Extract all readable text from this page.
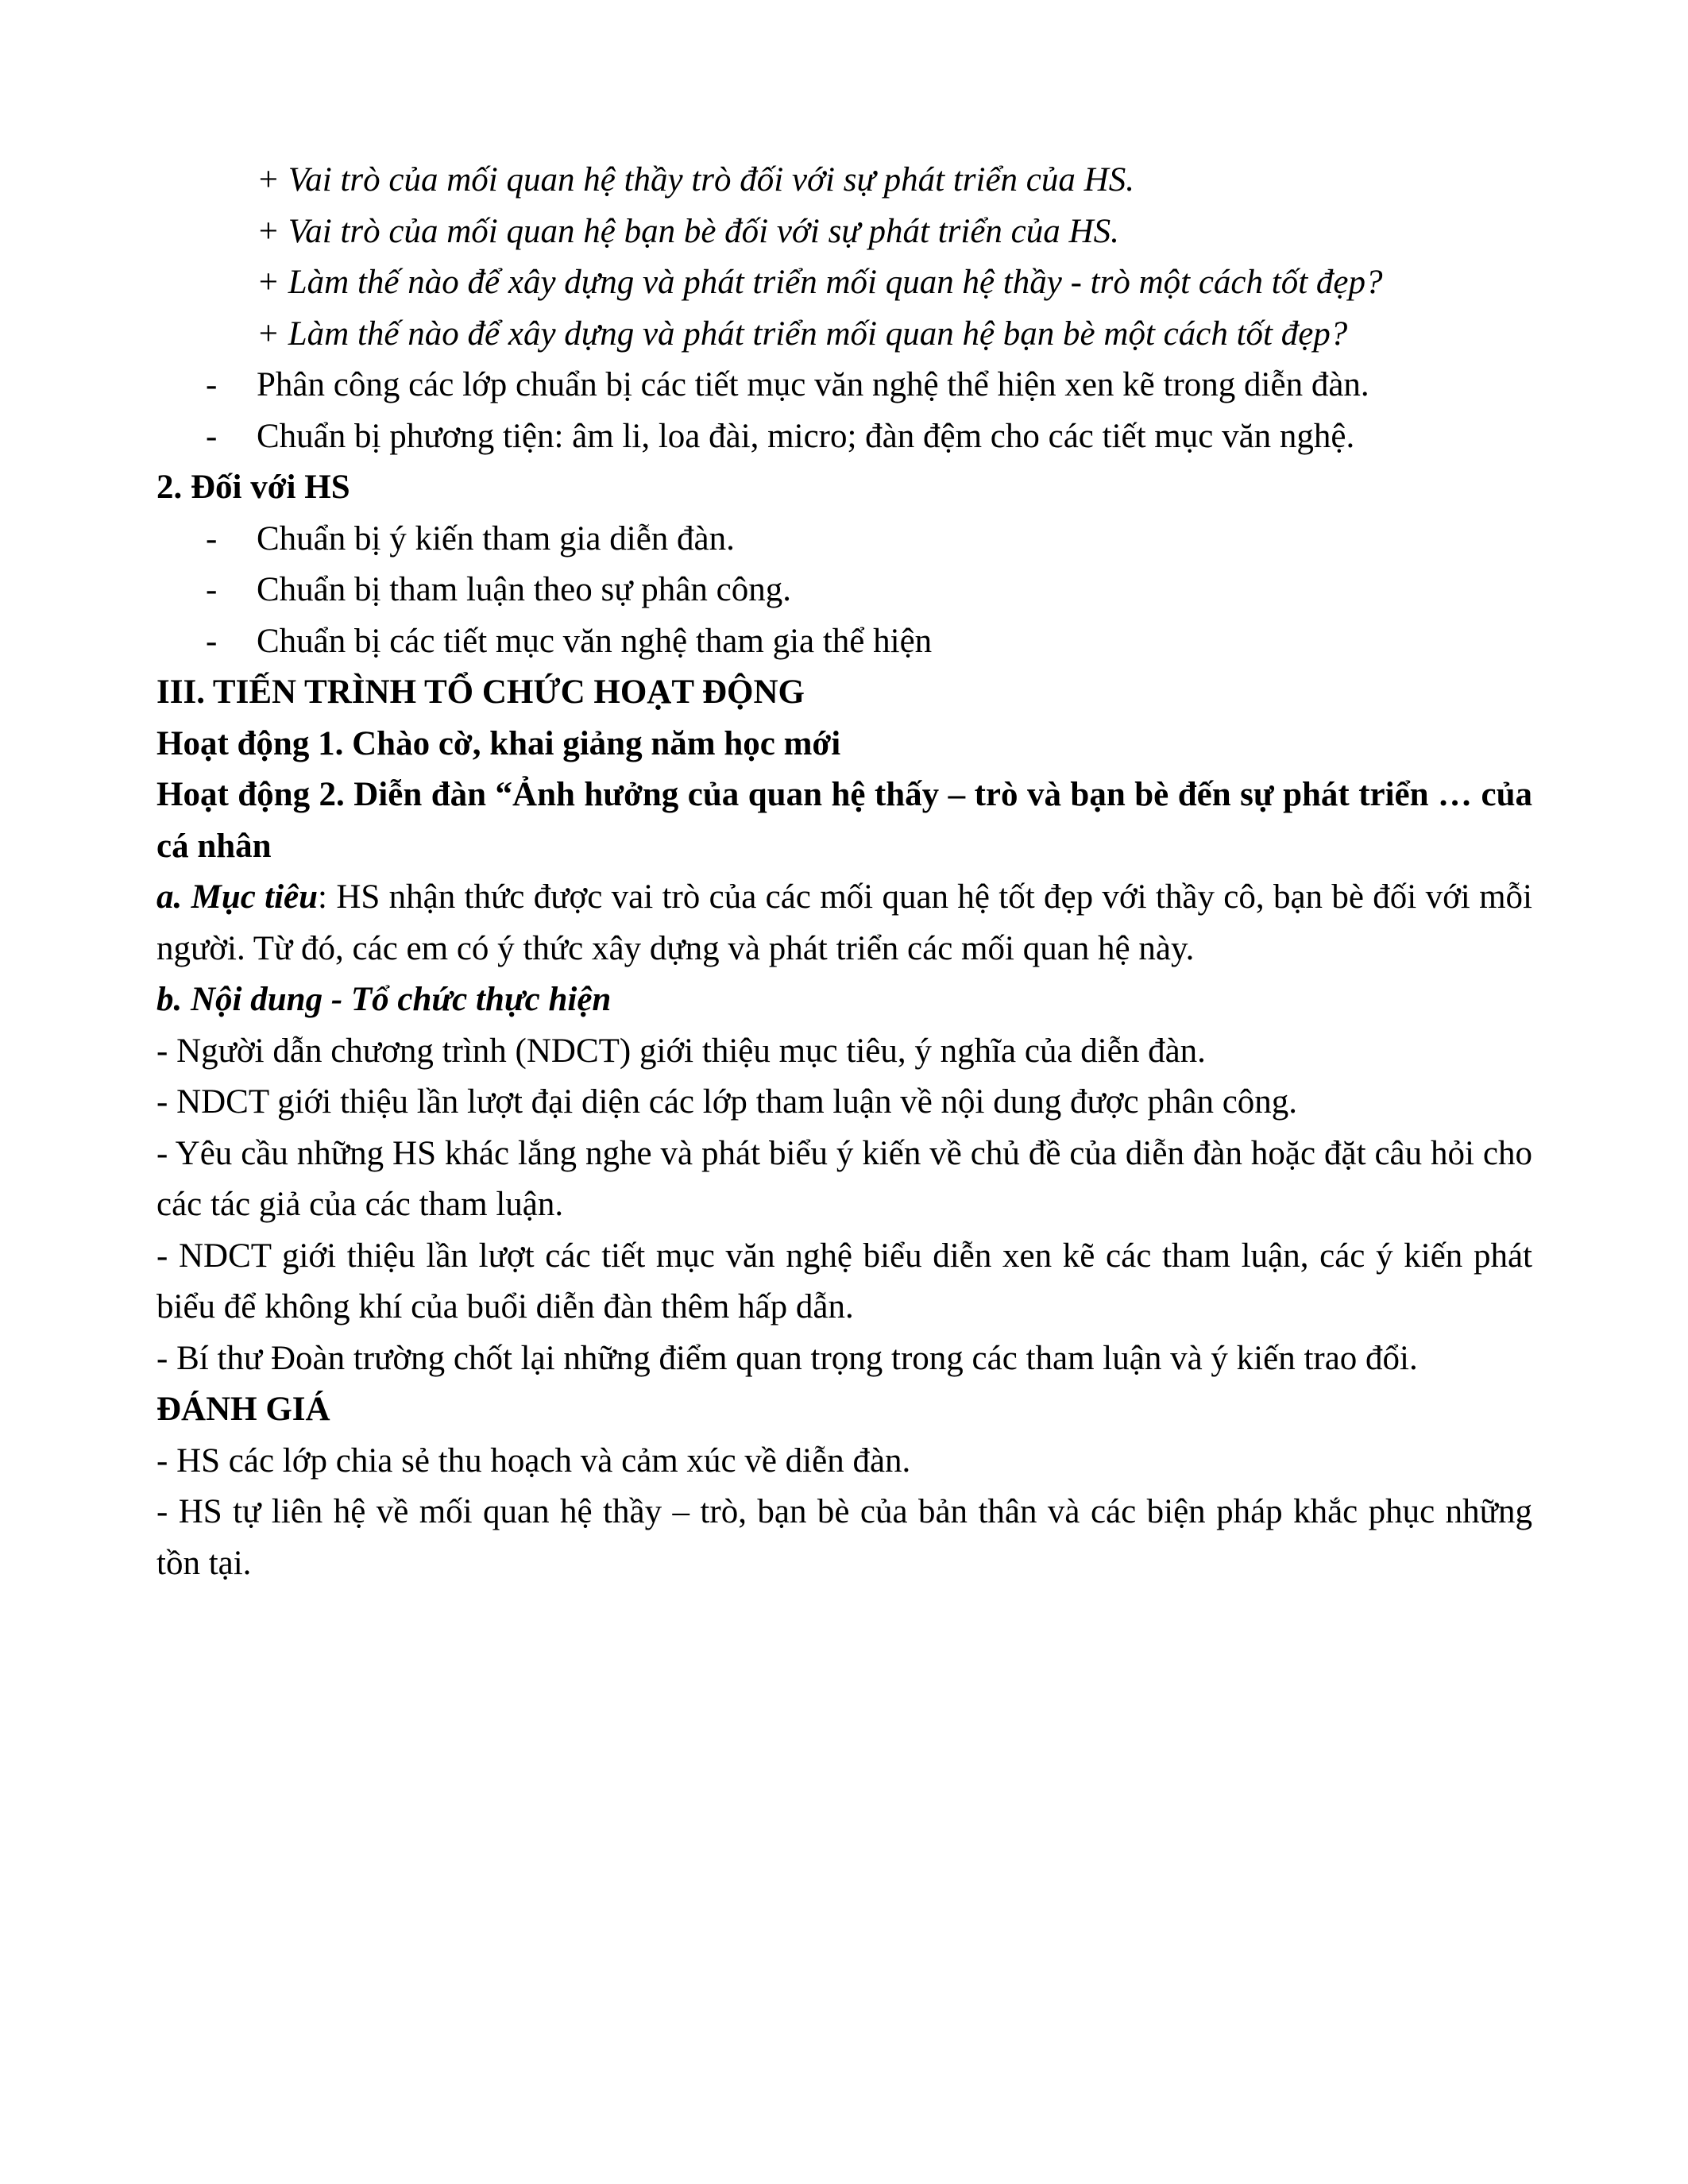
+ Vai trò của mối quan hệ thầy trò đối với sự phát triển của HS.

+ Vai trò của mối quan hệ bạn bè đối với sự phát triển của HS.

+ Làm thế nào để xây dựng và phát triển mối quan hệ thầy - trò một cách tốt đẹp?

+ Làm thế nào để xây dựng và phát triển mối quan hệ bạn bè một cách tốt đẹp?

- Phân công các lớp chuẩn bị các tiết mục văn nghệ thể hiện xen kẽ trong diễn đàn.
- Chuẩn bị phương tiện: âm li, loa đài, micro; đàn đệm cho các tiết mục văn nghệ.

2. Đối với HS

- Chuẩn bị ý kiến tham gia diễn đàn.
- Chuẩn bị tham luận theo sự phân công.
- Chuẩn bị các tiết mục văn nghệ tham gia thể hiện

III. TIẾN TRÌNH TỔ CHỨC HOẠT ĐỘNG

Hoạt động 1. Chào cờ, khai giảng năm học mới

Hoạt động 2. Diễn đàn “Ảnh hưởng của quan hệ thấy – trò và bạn bè đến sự phát triển … của cá nhân

a. Mục tiêu: HS nhận thức được vai trò của các mối quan hệ tốt đẹp với thầy cô, bạn bè đối với mỗi người. Từ đó, các em có ý thức xây dựng và phát triển các mối quan hệ này.

b. Nội dung - Tổ chức thực hiện

- Người dẫn chương trình (NDCT) giới thiệu mục tiêu, ý nghĩa của diễn đàn.

- NDCT giới thiệu lần lượt đại diện các lớp tham luận về nội dung được phân công.

- Yêu cầu những HS khác lắng nghe và phát biểu ý kiến về chủ đề của diễn đàn hoặc đặt câu hỏi cho các tác giả của các tham luận.

- NDCT giới thiệu lần lượt các tiết mục văn nghệ biểu diễn xen kẽ các tham luận, các ý kiến phát biểu để không khí của buổi diễn đàn thêm hấp dẫn.

- Bí thư Đoàn trường chốt lại những điểm quan trọng trong các tham luận và ý kiến trao đổi.

ĐÁNH GIÁ

- HS các lớp chia sẻ thu hoạch và cảm xúc về diễn đàn.

- HS tự liên hệ về mối quan hệ thầy – trò, bạn bè của bản thân và các biện pháp khắc phục những tồn tại.
